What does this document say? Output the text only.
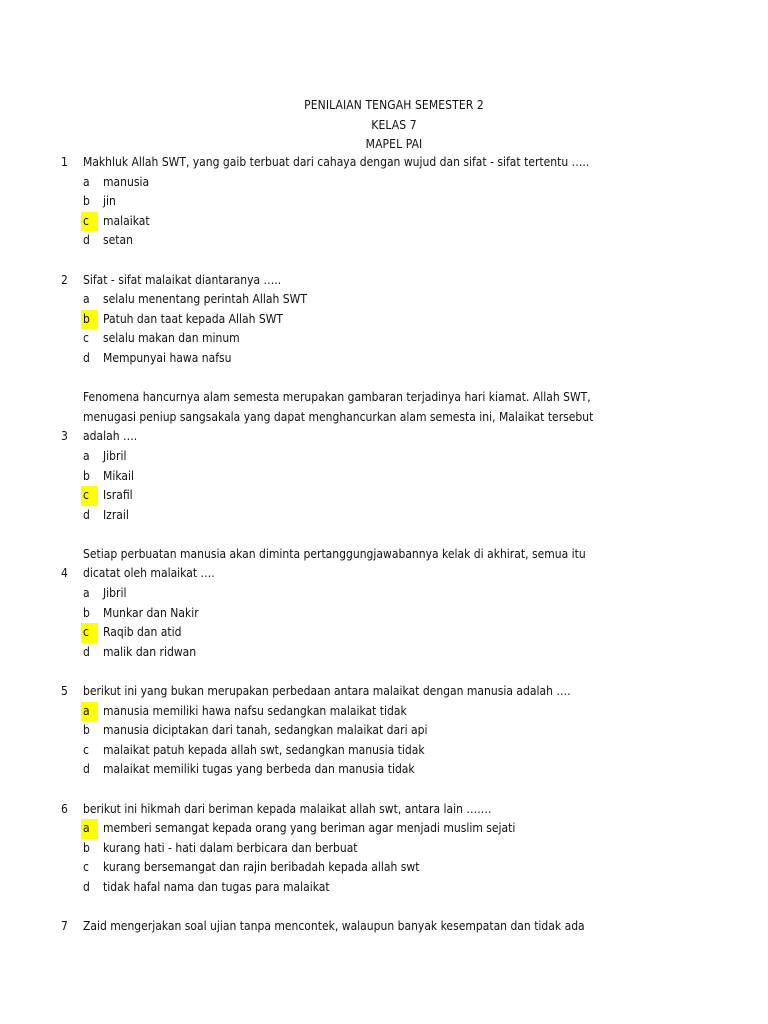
PENILAIAN TENGAH SEMESTER 2
KELAS 7
MAPEL PAI
1 Makhluk Allah SWT, yang gaib terbuat dari cahaya dengan wujud dan sifat - sifat tertentu …..
a	manusia
b	jin
c	malaikat
d	setan
2 Sifat - sifat malaikat diantaranya …..
a	selalu menentang perintah Allah SWT
b	Patuh dan taat kepada Allah SWT
c	selalu makan dan minum
d	Mempunyai hawa nafsu
Fenomena hancurnya alam semesta merupakan gambaran terjadinya hari kiamat. Allah SWT,
menugasi peniup sangsakala yang dapat menghancurkan alam semesta ini, Malaikat tersebut
3 adalah ….
a	Jibril
b	Mikail
c	Israfil
d	Izrail
Setiap perbuatan manusia akan diminta pertanggungjawabannya kelak di akhirat, semua itu
4 dicatat oleh malaikat ….
a	Jibril
b	Munkar dan Nakir
c	Raqib dan atid
d	malik dan ridwan
5 berikut ini yang bukan merupakan perbedaan antara malaikat dengan manusia adalah ….
a	manusia memiliki hawa nafsu sedangkan malaikat tidak
b	manusia diciptakan dari tanah, sedangkan malaikat dari api
c	malaikat patuh kepada allah swt, sedangkan manusia tidak
d	malaikat memiliki tugas yang berbeda dan manusia tidak
6 berikut ini hikmah dari beriman kepada malaikat allah swt, antara lain …….
a	memberi semangat kepada orang yang beriman agar menjadi muslim sejati
b	kurang hati - hati dalam berbicara dan berbuat
c	kurang bersemangat dan rajin beribadah kepada allah swt
d	tidak hafal nama dan tugas para malaikat
7 Zaid mengerjakan soal ujian tanpa mencontek, walaupun banyak kesempatan dan tidak ada
